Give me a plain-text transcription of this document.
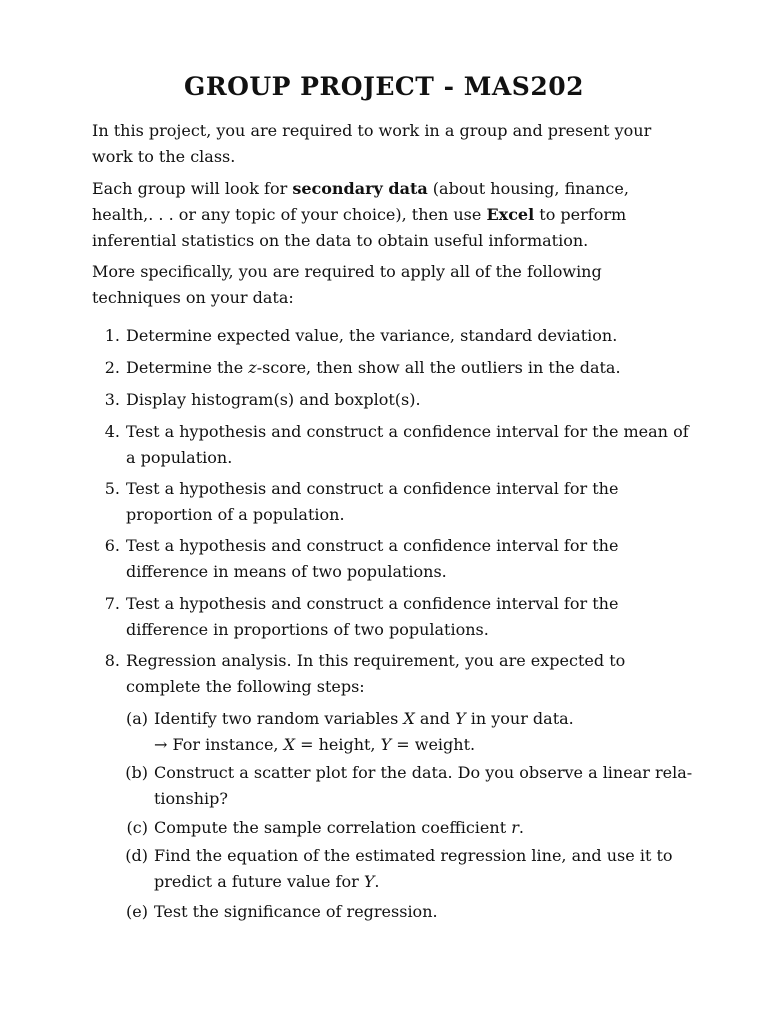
GROUP PROJECT - MAS202

In this project, you are required to work in a group and present your work to the class.

Each group will look for secondary data (about housing, finance, health,. . . or any topic of your choice), then use Excel to perform inferential statistics on the data to obtain useful information.

More specifically, you are required to apply all of the following techniques on your data:

1. Determine expected value, the variance, standard deviation.
2. Determine the z-score, then show all the outliers in the data.
3. Display histogram(s) and boxplot(s).
4. Test a hypothesis and construct a confidence interval for the mean of a population.
5. Test a hypothesis and construct a confidence interval for the proportion of a population.
6. Test a hypothesis and construct a confidence interval for the difference in means of two populations.
7. Test a hypothesis and construct a confidence interval for the difference in proportions of two populations.
8. Regression analysis. In this requirement, you are expected to complete the following steps:
(a) Identify two random variables X and Y in your data.
→ For instance, X = height, Y = weight.
(b) Construct a scatter plot for the data. Do you observe a linear rela-
tionship?
(c) Compute the sample correlation coefficient r.
(d) Find the equation of the estimated regression line, and use it to
predict a future value for Y.
(e) Test the significance of regression.
